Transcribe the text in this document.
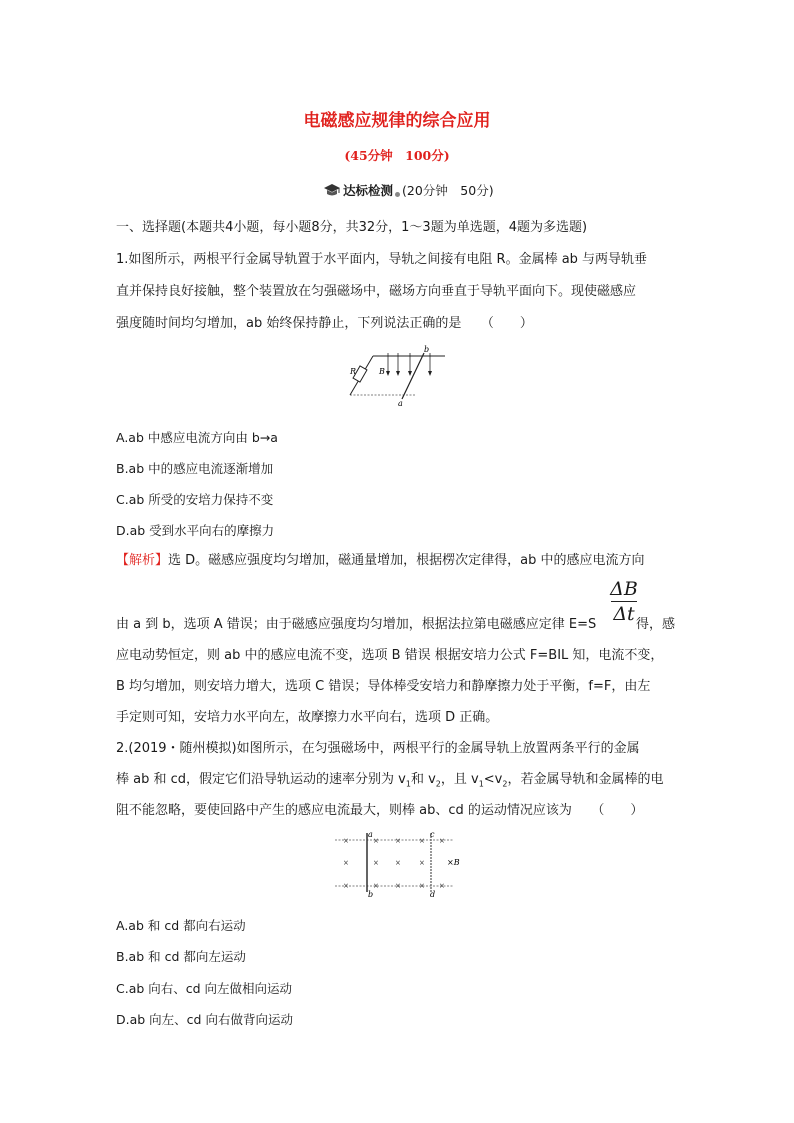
电磁感应规律的综合应用
(45分钟　100分)
达标检测 (20分钟　50分)
一、选择题(本题共4小题，每小题8分，共32分，1～3题为单选题，4题为多选题)
1.如图所示，两根平行金属导轨置于水平面内，导轨之间接有电阻 R。金属棒 ab 与两导轨垂
直并保持良好接触，整个装置放在匀强磁场中，磁场方向垂直于导轨平面向下。现使磁感应
强度随时间均匀增加，ab 始终保持静止，下列说法正确的是　　（　　）
b
R	B
a
A.ab 中感应电流方向由 b→a
B.ab 中的感应电流逐渐增加
C.ab 所受的安培力保持不变
D.ab 受到水平向右的摩擦力
【解析】选 D。磁感应强度均匀增加，磁通量增加，根据楞次定律得，ab 中的感应电流方向
ΔB
Δt
由 a 到 b，选项 A 错误；由于磁感应强度均匀增加，根据法拉第电磁感应定律 E=S	得，感
应电动势恒定，则 ab 中的感应电流不变，选项 B 错误 根据安培力公式 F=BIL 知，电流不变，
B 均匀增加，则安培力增大，选项 C 错误；导体棒受安培力和静摩擦力处于平衡，f=F，由左
手定则可知，安培力水平向左，故摩擦力水平向右，选项 D 正确。
2.(2019・随州模拟)如图所示，在匀强磁场中，两根平行的金属导轨上放置两条平行的金属
棒 ab 和 cd，假定它们沿导轨运动的速率分别为 $v_1$和 $v_2$，且 $v_1<v_2$，若金属导轨和金属棒的电
阻不能忽略，要使回路中产生的感应电流最大，则棒 ab、cd 的运动情况应该为　　（　　）
×	× ×	× ×
×	× ×	×
×	× ×	× ×
a	c
b	d
×B
A.ab 和 cd 都向右运动
B.ab 和 cd 都向左运动
C.ab 向右、cd 向左做相向运动
D.ab 向左、cd 向右做背向运动
